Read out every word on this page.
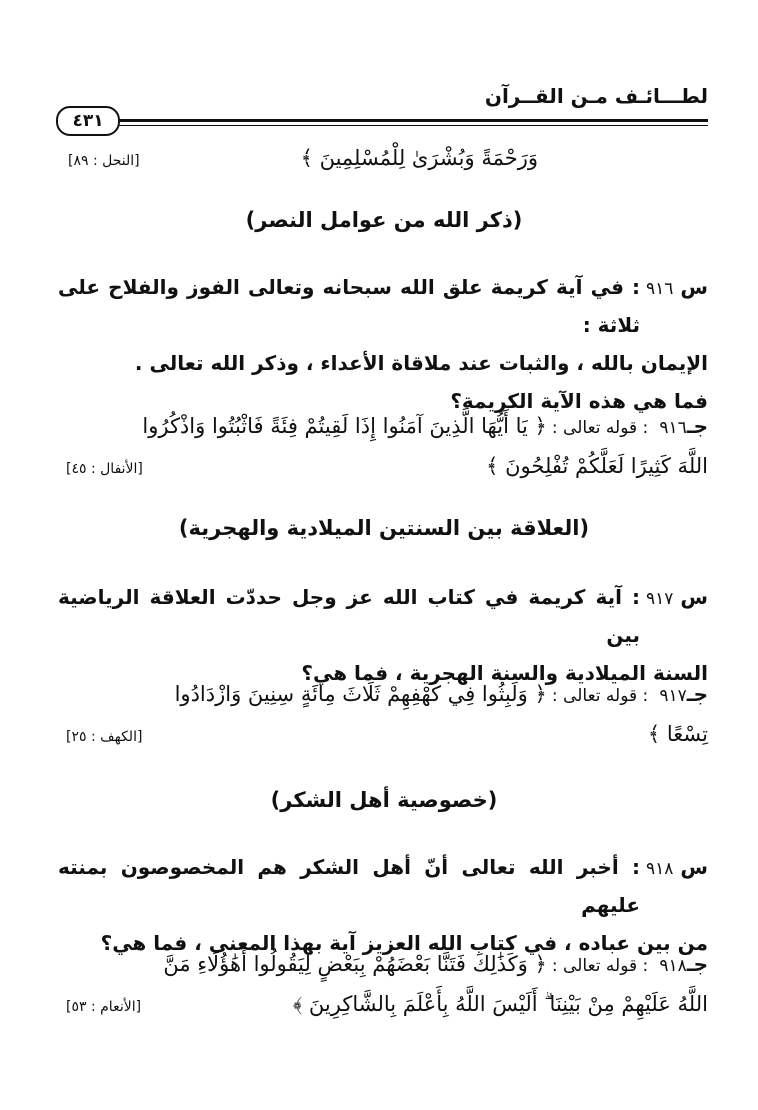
لطـــائـف مـن القــرآن
٤٣١
وَرَحْمَةً وَبُشْرَىٰ لِلْمُسْلِمِينَ ﴾
[النحل : ٨٩]
(ذكر الله من عوامل النصر)
س ٩١٦
: في آية كريمة علق الله سبحانه وتعالى الفوز والفلاح على ثلاثة :
الإيمان بالله ، والثبات عند ملاقاة الأعداء ، وذكر الله تعالى .
فما هي هذه الآية الكريمة؟
جـ٩١٦ : قوله تعالى : ﴿ يَا أَيُّهَا الَّذِينَ آمَنُوا إِذَا لَقِيتُمْ فِئَةً فَاثْبُتُوا وَاذْكُرُوا
اللَّهَ كَثِيرًا لَعَلَّكُمْ تُفْلِحُونَ ﴾
[الأنفال : ٤٥]
(العلاقة بين السنتين الميلادية والهجرية)
س ٩١٧
: آية كريمة في كتاب الله عز وجل حددّت العلاقة الرياضية بين
السنة الميلادية والسنة الهجرية ، فما هي؟
جـ٩١٧ : قوله تعالى : ﴿ وَلَبِثُوا فِي كَهْفِهِمْ ثَلَاثَ مِائَةٍ سِنِينَ وَازْدَادُوا
تِسْعًا ﴾
[الكهف : ٢٥]
(خصوصية أهل الشكر)
س ٩١٨
: أخبر الله تعالى أنّ أهل الشكر هم المخصوصون بمنته عليهم
من بين عباده ، في كتاب الله العزيز آية بهذا المعنى ، فما هي؟
جـ٩١٨ : قوله تعالى : ﴿ وَكَذَٰلِكَ فَتَنَّا بَعْضَهُمْ بِبَعْضٍ لِيَقُولُوا أَهَٰؤُلَاءِ مَنَّ
اللَّهُ عَلَيْهِمْ مِنْ بَيْنِنَا ۗ أَلَيْسَ اللَّهُ بِأَعْلَمَ بِالشَّاكِرِينَ ﴾
[الأنعام : ٥٣]
